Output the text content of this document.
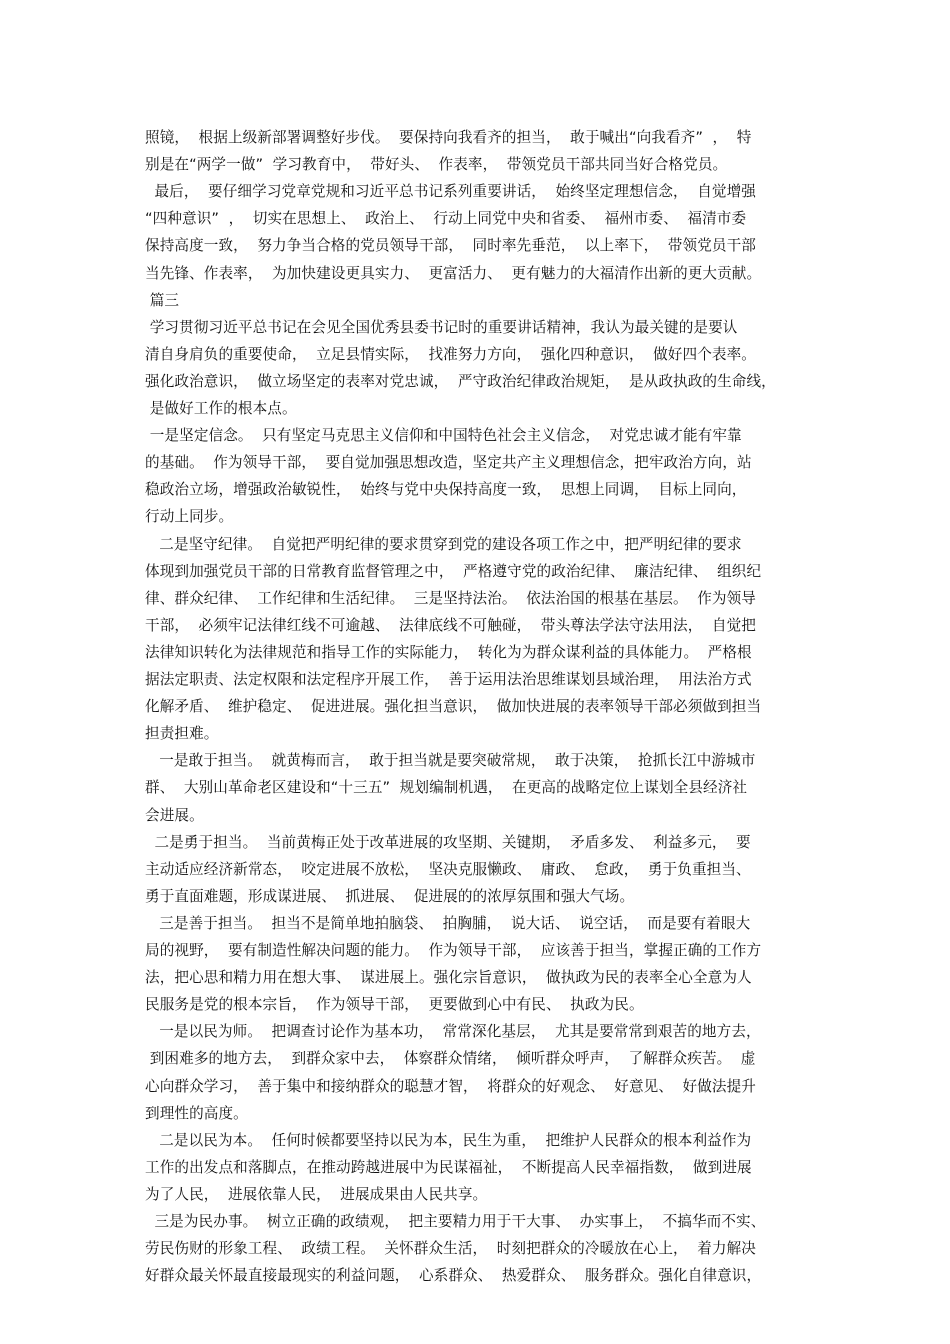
照镜，  根据上级新部署调整好步伐。  要保持向我看齐的担当，  敢于喊出“向我看齐”  ，  特
别是在“两学一做”  学习教育中，  带好头、  作表率，  带领党员干部共同当好合格党员。
最后，  要仔细学习党章党规和习近平总书记系列重要讲话，  始终坚定理想信念，  自觉增强
“四种意识”  ，  切实在思想上、  政治上、  行动上同党中央和省委、  福州市委、  福清市委
保持高度一致，  努力争当合格的党员领导干部，  同时率先垂范，  以上率下，  带领党员干部
当先锋、作表率，  为加快建设更具实力、  更富活力、  更有魅力的大福清作出新的更大贡献。
篇三
学习贯彻习近平总书记在会见全国优秀县委书记时的重要讲话精神，我认为最关键的是要认
清自身肩负的重要使命，  立足县情实际，  找准努力方向，  强化四种意识，  做好四个表率。
强化政治意识，  做立场坚定的表率对党忠诚，  严守政治纪律政治规矩，  是从政执政的生命线，
是做好工作的根本点。
一是坚定信念。  只有坚定马克思主义信仰和中国特色社会主义信念，  对党忠诚才能有牢靠
的基础。  作为领导干部，  要自觉加强思想改造，坚定共产主义理想信念，把牢政治方向，站
稳政治立场，增强政治敏锐性，  始终与党中央保持高度一致，  思想上同调，  目标上同向，
行动上同步。
二是坚守纪律。  自觉把严明纪律的要求贯穿到党的建设各项工作之中，把严明纪律的要求
体现到加强党员干部的日常教育监督管理之中，  严格遵守党的政治纪律、  廉洁纪律、  组织纪
律、群众纪律、  工作纪律和生活纪律。  三是坚持法治。  依法治国的根基在基层。  作为领导
干部，  必须牢记法律红线不可逾越、  法律底线不可触碰，  带头尊法学法守法用法，  自觉把
法律知识转化为法律规范和指导工作的实际能力，  转化为为群众谋利益的具体能力。  严格根
据法定职责、法定权限和法定程序开展工作，  善于运用法治思维谋划县域治理，  用法治方式
化解矛盾、  维护稳定、  促进进展。强化担当意识，  做加快进展的表率领导干部必须做到担当
担责担难。
一是敢于担当。  就黄梅而言，  敢于担当就是要突破常规，  敢于决策，  抢抓长江中游城市
群、  大别山革命老区建设和“十三五”  规划编制机遇，  在更高的战略定位上谋划全县经济社
会进展。
二是勇于担当。  当前黄梅正处于改革进展的攻坚期、关键期，  矛盾多发、  利益多元，  要
主动适应经济新常态，  咬定进展不放松，  坚决克服懒政、  庸政、  怠政，  勇于负重担当、
勇于直面难题，形成谋进展、  抓进展、  促进展的的浓厚氛围和强大气场。
三是善于担当。  担当不是简单地拍脑袋、  拍胸脯，  说大话、  说空话，  而是要有着眼大
局的视野，  要有制造性解决问题的能力。  作为领导干部，  应该善于担当，掌握正确的工作方
法，把心思和精力用在想大事、  谋进展上。强化宗旨意识，  做执政为民的表率全心全意为人
民服务是党的根本宗旨，  作为领导干部，  更要做到心中有民、  执政为民。
一是以民为师。  把调查讨论作为基本功，  常常深化基层，  尤其是要常常到艰苦的地方去，
到困难多的地方去，  到群众家中去，  体察群众情绪，  倾听群众呼声，  了解群众疾苦。  虚
心向群众学习，  善于集中和接纳群众的聪慧才智，  将群众的好观念、  好意见、  好做法提升
到理性的高度。
二是以民为本。  任何时候都要坚持以民为本，民生为重，  把维护人民群众的根本利益作为
工作的出发点和落脚点，在推动跨越进展中为民谋福祉，  不断提高人民幸福指数，  做到进展
为了人民，  进展依靠人民，  进展成果由人民共享。
三是为民办事。  树立正确的政绩观，  把主要精力用于干大事、  办实事上，  不搞华而不实、
劳民伤财的形象工程、  政绩工程。  关怀群众生活，  时刻把群众的冷暖放在心上，  着力解决
好群众最关怀最直接最现实的利益问题，  心系群众、  热爱群众、  服务群众。强化自律意识，
